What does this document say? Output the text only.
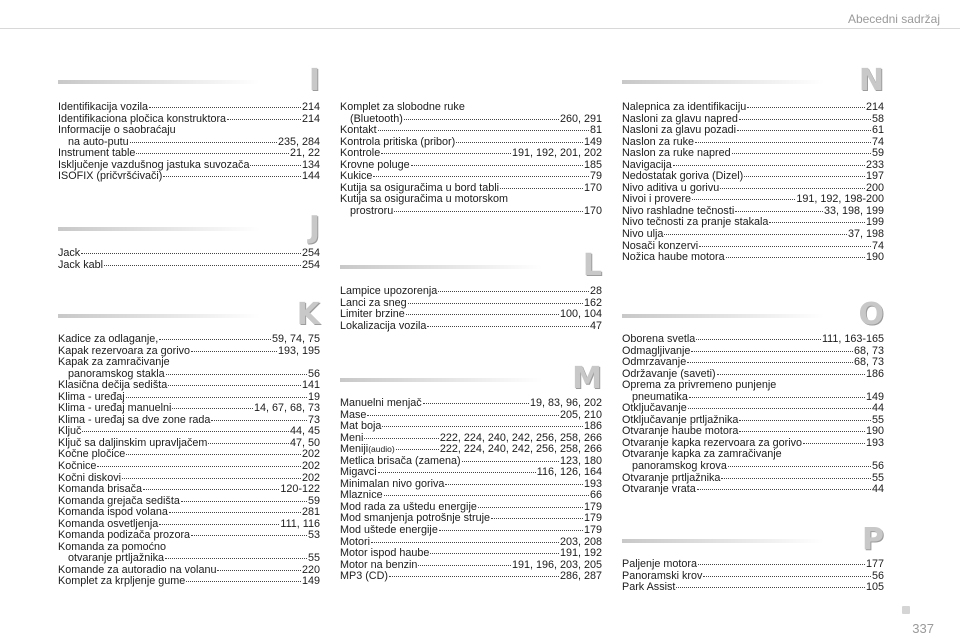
Abecedni sadržaj
I
Identifikacija vozila	214
Identifikaciona pločica konstruktora	214
Informacije o saobraćaju
na auto-putu	235, 284
Instrument table	21, 22
Isključenje vazdušnog jastuka suvozača	134
ISOFIX (pričvršćivači)	144
J
Jack	254
Jack kabl	254
K
Kadice za odlaganje,	59, 74, 75
Kapak rezervoara za gorivo	193, 195
Kapak za zamračivanje
panoramskog stakla	56
Klasična dečija sedišta	141
Klima - uređaj	19
Klima - uređaj manuelni	14, 67, 68, 73
Klima - uređaj sa dve zone rada	73
Ključ	44, 45
Ključ sa daljinskim upravljačem	47, 50
Kočne pločice	202
Kočnice	202
Kočni diskovi	202
Komanda brisača	120-122
Komanda grejača sedišta	59
Komanda ispod volana	281
Komanda osvetljenja	111, 116
Komanda podizača prozora	53
Komanda za pomoćno
otvaranje prtljažnika	55
Komande za autoradio na volanu	220
Komplet za krpljenje gume	149
Komplet za slobodne ruke
(Bluetooth)	260, 291
Kontakt	81
Kontrola pritiska (pribor)	149
Kontrole	191, 192, 201, 202
Krovne poluge	185
Kukice	79
Kutija sa osiguračima u bord tabli	170
Kutija sa osiguračima u motorskom
prostroru	170
L
Lampice upozorenja	28
Lanci za sneg	162
Limiter brzine	100, 104
Lokalizacija vozila	47
M
Manuelni menjač	19, 83, 96, 202
Mase	205, 210
Mat boja	186
Meni	222, 224, 240, 242, 256, 258, 266
Meniji (audio)	222, 224, 240, 242, 256, 258, 266
Metlica brisača (zamena)	123, 180
Migavci	116, 126, 164
Minimalan nivo goriva	193
Mlaznice	66
Mod rada za uštedu energije	179
Mod smanjenja potrošnje struje	179
Mod uštede energije	179
Motori	203, 208
Motor ispod haube	191, 192
Motor na benzin	191, 196, 203, 205
MP3 (CD)	286, 287
N
Nalepnica za identifikaciju	214
Nasloni za glavu napred	58
Nasloni za glavu pozadi	61
Naslon za ruke	74
Naslon za ruke napred	59
Navigacija	233
Nedostatak goriva (Dizel)	197
Nivo aditiva u gorivu	200
Nivoi i provere	191, 192, 198-200
Nivo rashladne tečnosti	33, 198, 199
Nivo tečnosti za pranje stakala	199
Nivo ulja	37, 198
Nosači konzervi	74
Nožica haube motora	190
O
Oborena svetla	111, 163-165
Odmagljivanje	68, 73
Odmrzavanje	68, 73
Održavanje (saveti)	186
Oprema za privremeno punjenje
pneumatika	149
Otključavanje	44
Otključavanje prtljažnika	55
Otvaranje haube motora	190
Otvaranje kapka rezervoara za gorivo	193
Otvaranje kapka za zamračivanje
panoramskog krova	56
Otvaranje prtljažnika	55
Otvaranje vrata	44
P
Paljenje motora	177
Panoramski krov	56
Park Assist	105
337
